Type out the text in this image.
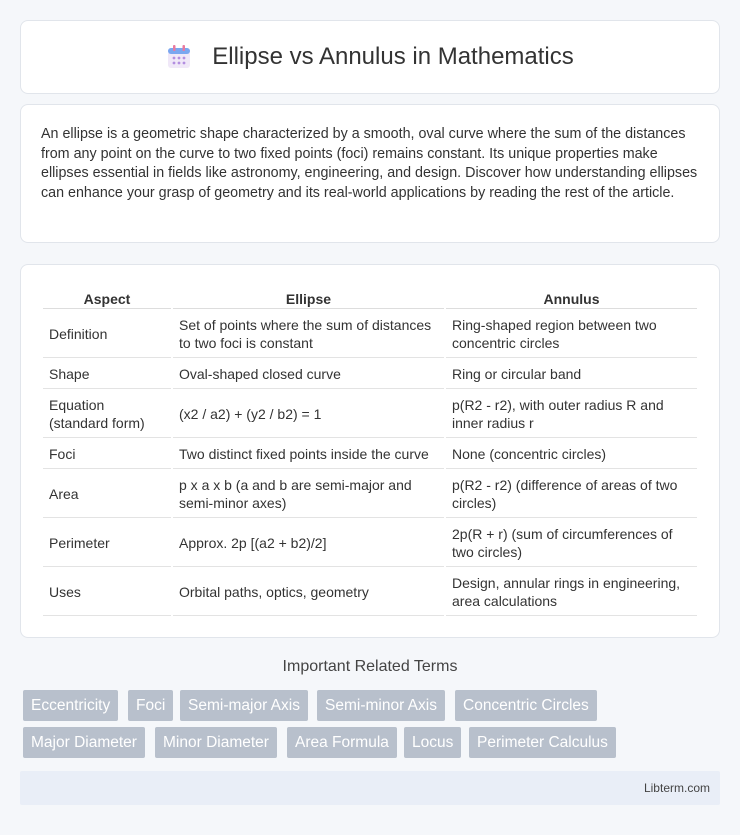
Ellipse vs Annulus in Mathematics

An ellipse is a geometric shape characterized by a smooth, oval curve where the sum of the distances from any point on the curve to two fixed points (foci) remains constant. Its unique properties make ellipses essential in fields like astronomy, engineering, and design. Discover how understanding ellipses can enhance your grasp of geometry and its real-world applications by reading the rest of the article.

Aspect	Ellipse	Annulus
Definition	Set of points where the sum of distances to two foci is constant	Ring-shaped region between two concentric circles
Shape	Oval-shaped closed curve	Ring or circular band
Equation (standard form)	(x2 / a2) + (y2 / b2) = 1	p(R2 - r2), with outer radius R and inner radius r
Foci	Two distinct fixed points inside the curve	None (concentric circles)
Area	p x a x b (a and b are semi-major and semi-minor axes)	p(R2 - r2) (difference of areas of two circles)
Perimeter	Approx. 2p [(a2 + b2)/2]	2p(R + r) (sum of circumferences of two circles)
Uses	Orbital paths, optics, geometry	Design, annular rings in engineering, area calculations
Important Related Terms
Eccentricity	Foci	Semi-major Axis	Semi-minor Axis	Concentric Circles
Major Diameter	Minor Diameter	Area Formula	Locus	Perimeter Calculus
Libterm.com
